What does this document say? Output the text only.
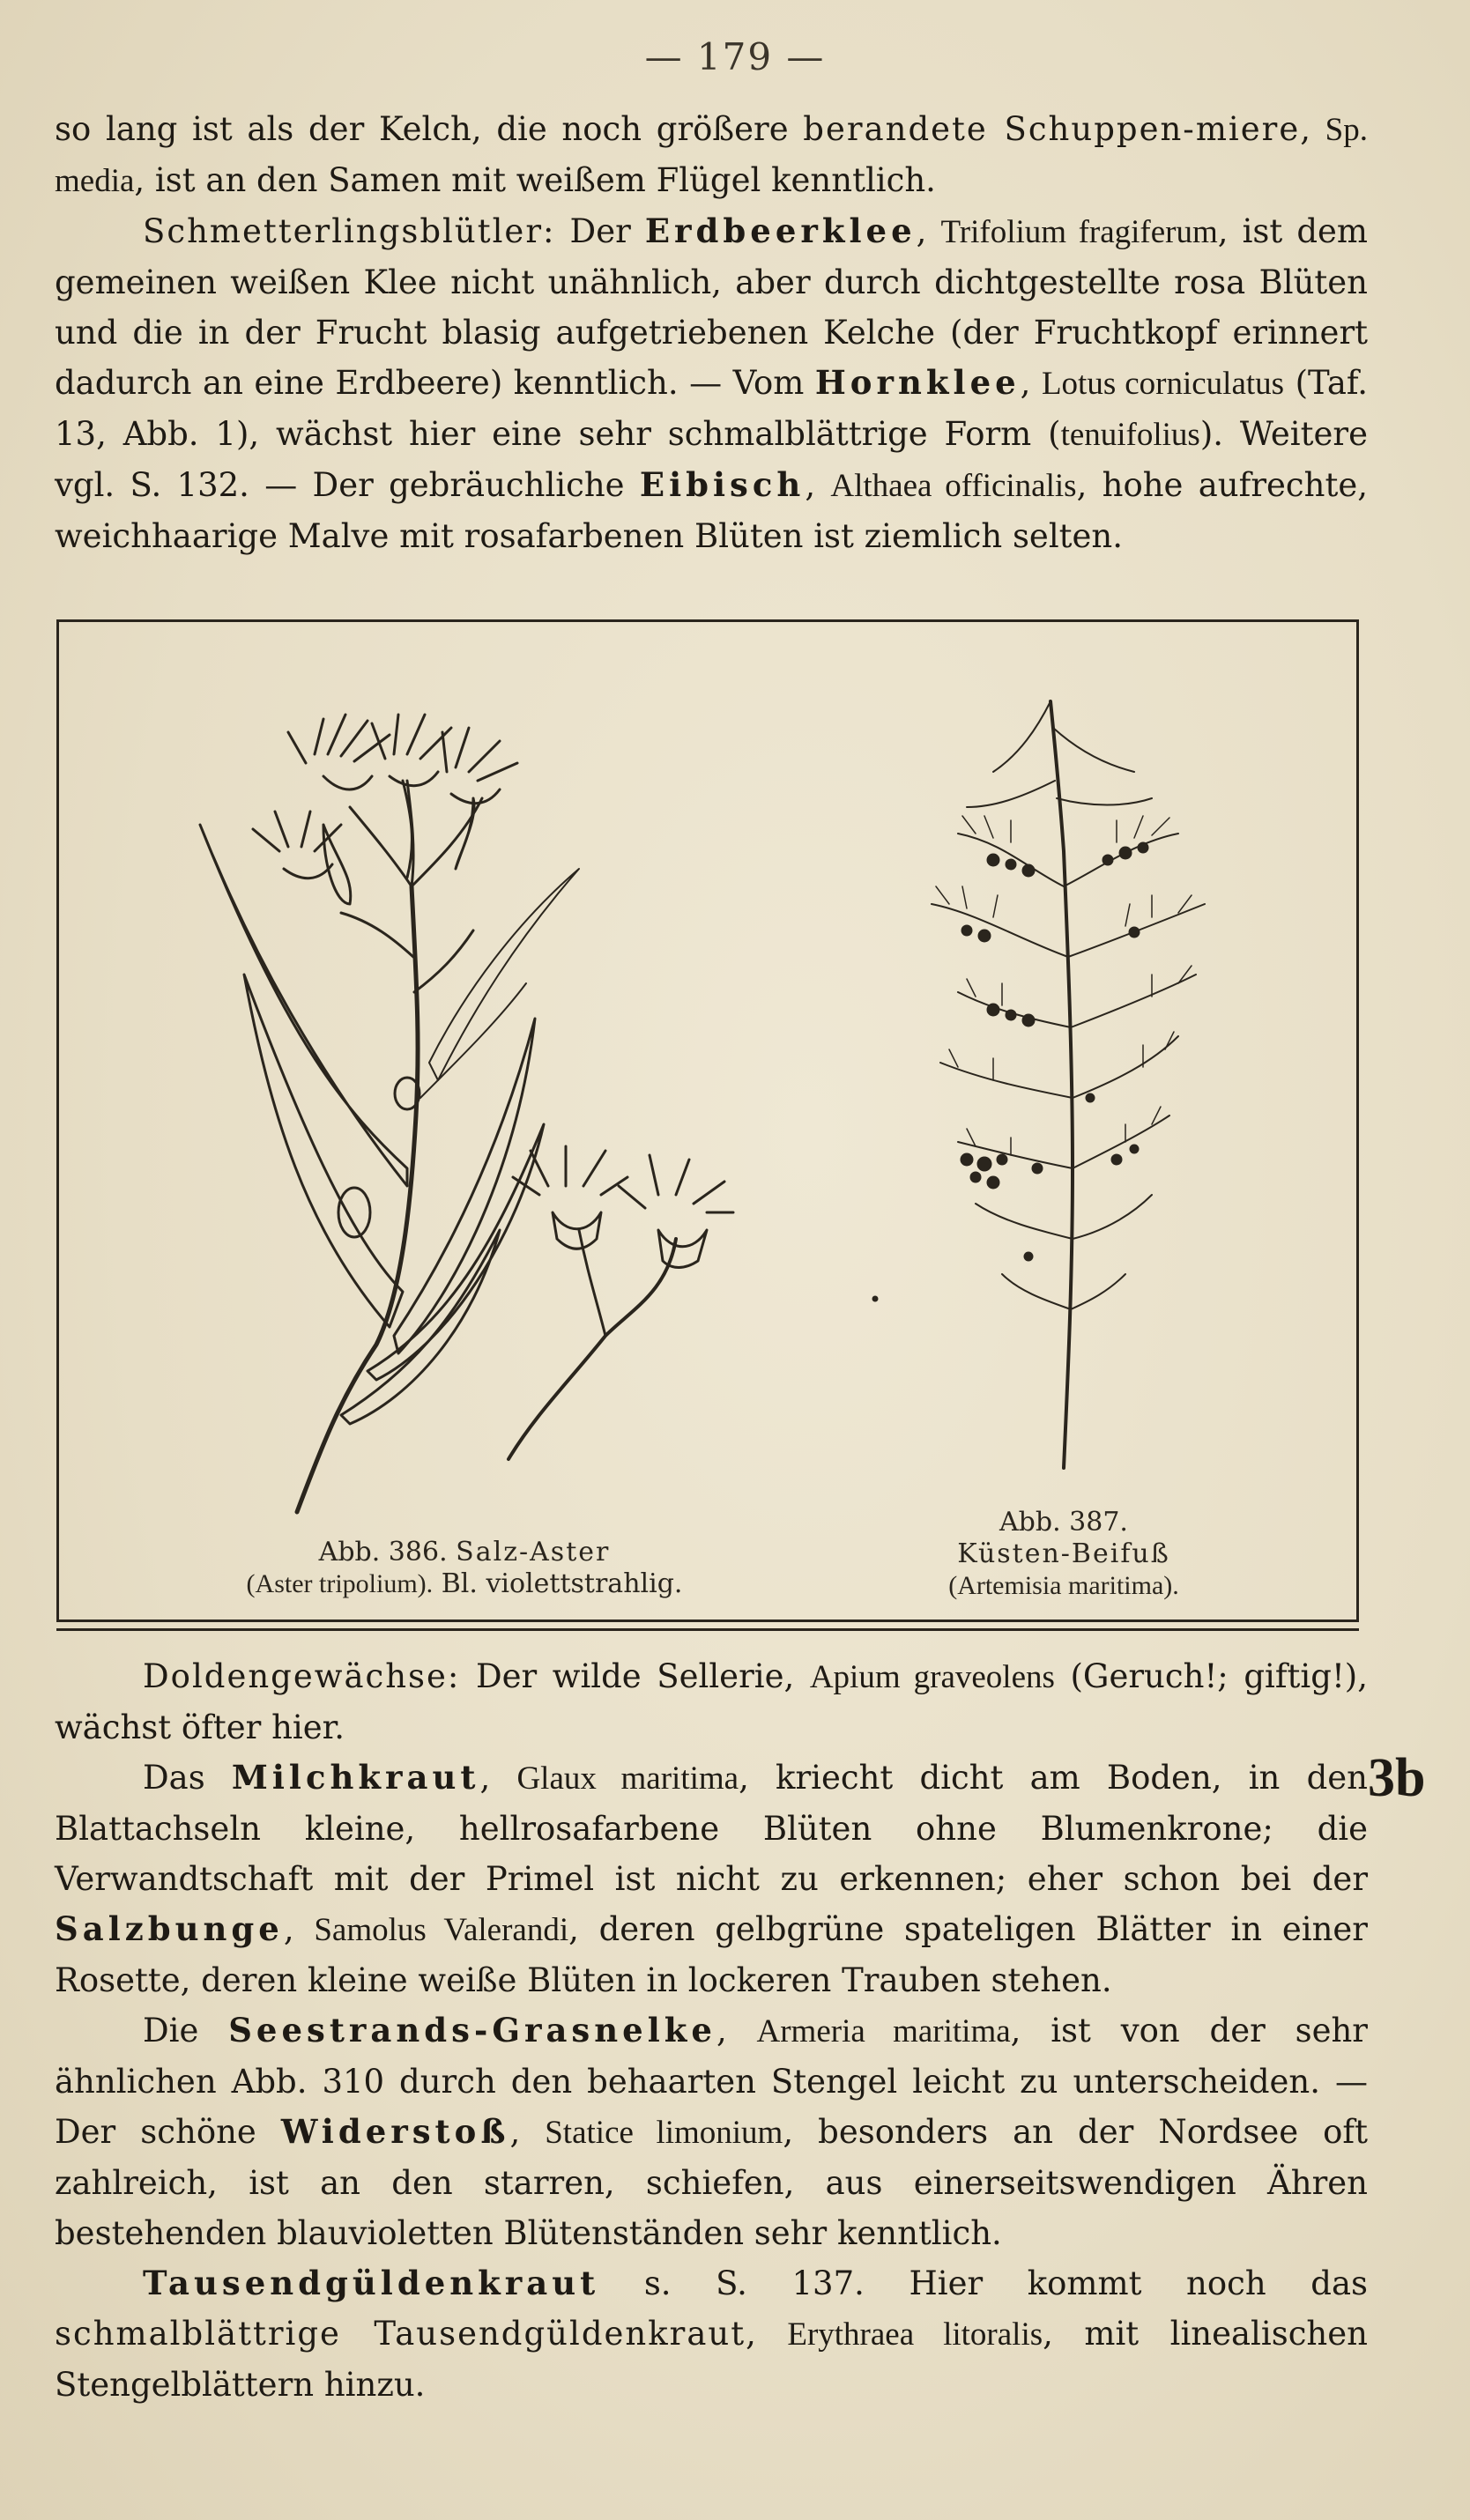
— 179 —

so lang ist als der Kelch, die noch größere berandete Schuppen-miere, Sp. media, ist an den Samen mit weißem Flügel kenntlich.

Schmetterlingsblütler: Der Erdbeerklee, Trifolium fragiferum, ist dem gemeinen weißen Klee nicht unähnlich, aber durch dichtgestellte rosa Blüten und die in der Frucht blasig aufgetriebenen Kelche (der Fruchtkopf erinnert dadurch an eine Erdbeere) kenntlich. — Vom Hornklee, Lotus corniculatus (Taf. 13, Abb. 1), wächst hier eine sehr schmalblättrige Form (tenuifolius). Weitere vgl. S. 132. — Der gebräuchliche Eibisch, Althaea officinalis, hohe aufrechte, weichhaarige Malve mit rosafarbenen Blüten ist ziemlich selten.

Abb. 386. Salz-Aster
(Aster tripolium). Bl. violettstrahlig.
Abb. 387.
Küsten-Beifuß
(Artemisia maritima).

Doldengewächse: Der wilde Sellerie, Apium graveolens (Geruch!; giftig!), wächst öfter hier.

Das Milchkraut, Glaux maritima, kriecht dicht am Boden, in den Blattachseln kleine, hellrosafarbene Blüten ohne Blumenkrone; die Verwandtschaft mit der Primel ist nicht zu erkennen; eher schon bei der Salzbunge, Samolus Valerandi, deren gelbgrüne spateligen Blätter in einer Rosette, deren kleine weiße Blüten in lockeren Trauben stehen.

Die Seestrands-Grasnelke, Armeria maritima, ist von der sehr ähnlichen Abb. 310 durch den behaarten Stengel leicht zu unterscheiden. — Der schöne Widerstoß, Statice limonium, besonders an der Nordsee oft zahlreich, ist an den starren, schiefen, aus einerseitswendigen Ähren bestehenden blauvioletten Blütenständen sehr kenntlich.

Tausendgüldenkraut s. S. 137. Hier kommt noch das schmalblättrige Tausendgüldenkraut, Erythraea litoralis, mit linealischen Stengelblättern hinzu.

3b
